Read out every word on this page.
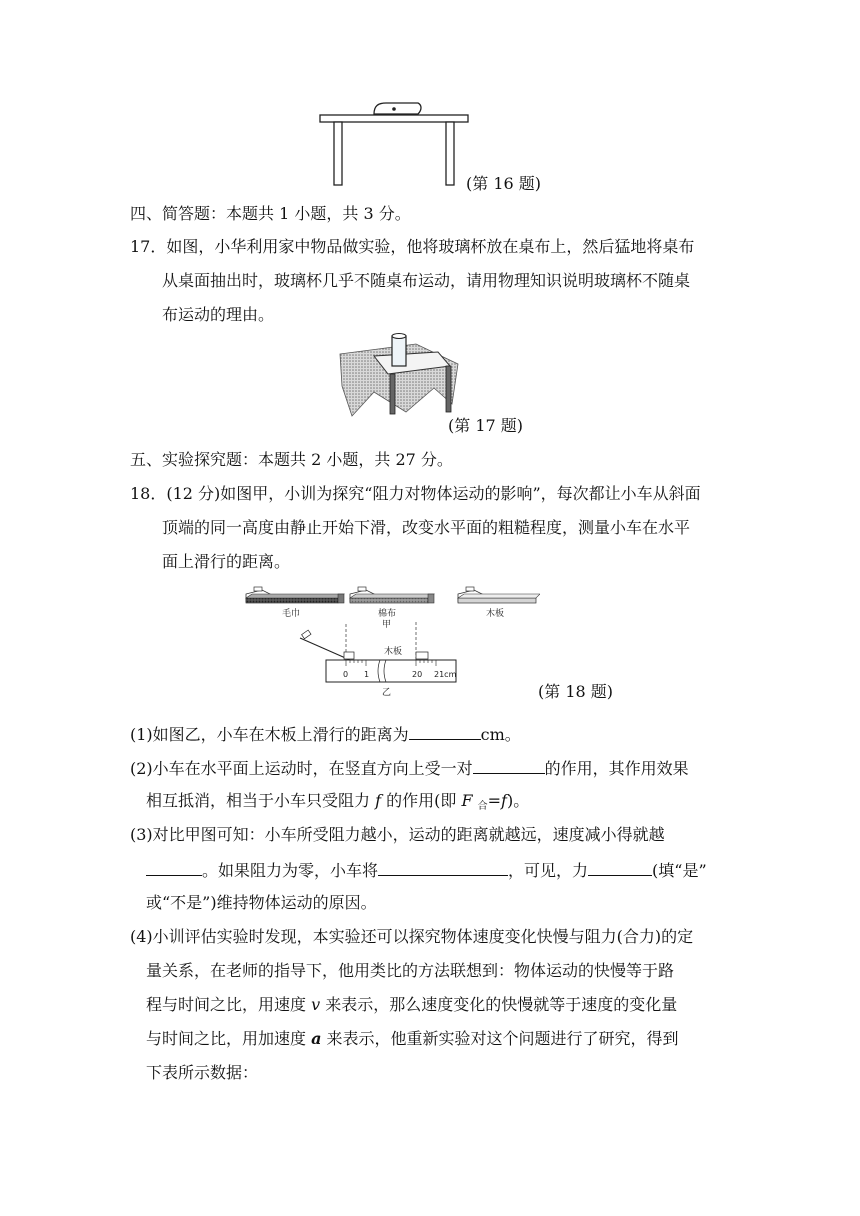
(第 16 题)
四、简答题：本题共 1 小题，共 3 分。
17．如图，小华利用家中物品做实验，他将玻璃杯放在桌布上，然后猛地将桌布
从桌面抽出时，玻璃杯几乎不随桌布运动，请用物理知识说明玻璃杯不随桌
布运动的理由。
(第 17 题)
五、实验探究题：本题共 2 小题，共 27 分。
18．(12 分)如图甲，小训为探究“阻力对物体运动的影响”，每次都让小车从斜面
顶端的同一高度由静止开始下滑，改变水平面的粗糙程度，测量小车在水平
面上滑行的距离。
毛巾	棉布
甲
木板
0 1	20 21cm
木板
乙	(第 18 题)
(1)如图乙，小车在木板上滑行的距离为	cm。
(2)小车在水平面上运动时，在竖直方向上受一对	的作用，其作用效果
相互抵消，相当于小车只受阻力 f 的作用(即 F $_合$=f)。
(3)对比甲图可知：小车所受阻力越小，运动的距离就越远，速度减小得就越
。如果阻力为零，小车将	，可见，力	(填“是”
或“不是”)维持物体运动的原因。
(4)小训评估实验时发现，本实验还可以探究物体速度变化快慢与阻力(合力)的定
量关系，在老师的指导下，他用类比的方法联想到：物体运动的快慢等于路
程与时间之比，用速度 v 来表示，那么速度变化的快慢就等于速度的变化量
与时间之比，用加速度 a 来表示，他重新实验对这个问题进行了研究，得到
下表所示数据：
